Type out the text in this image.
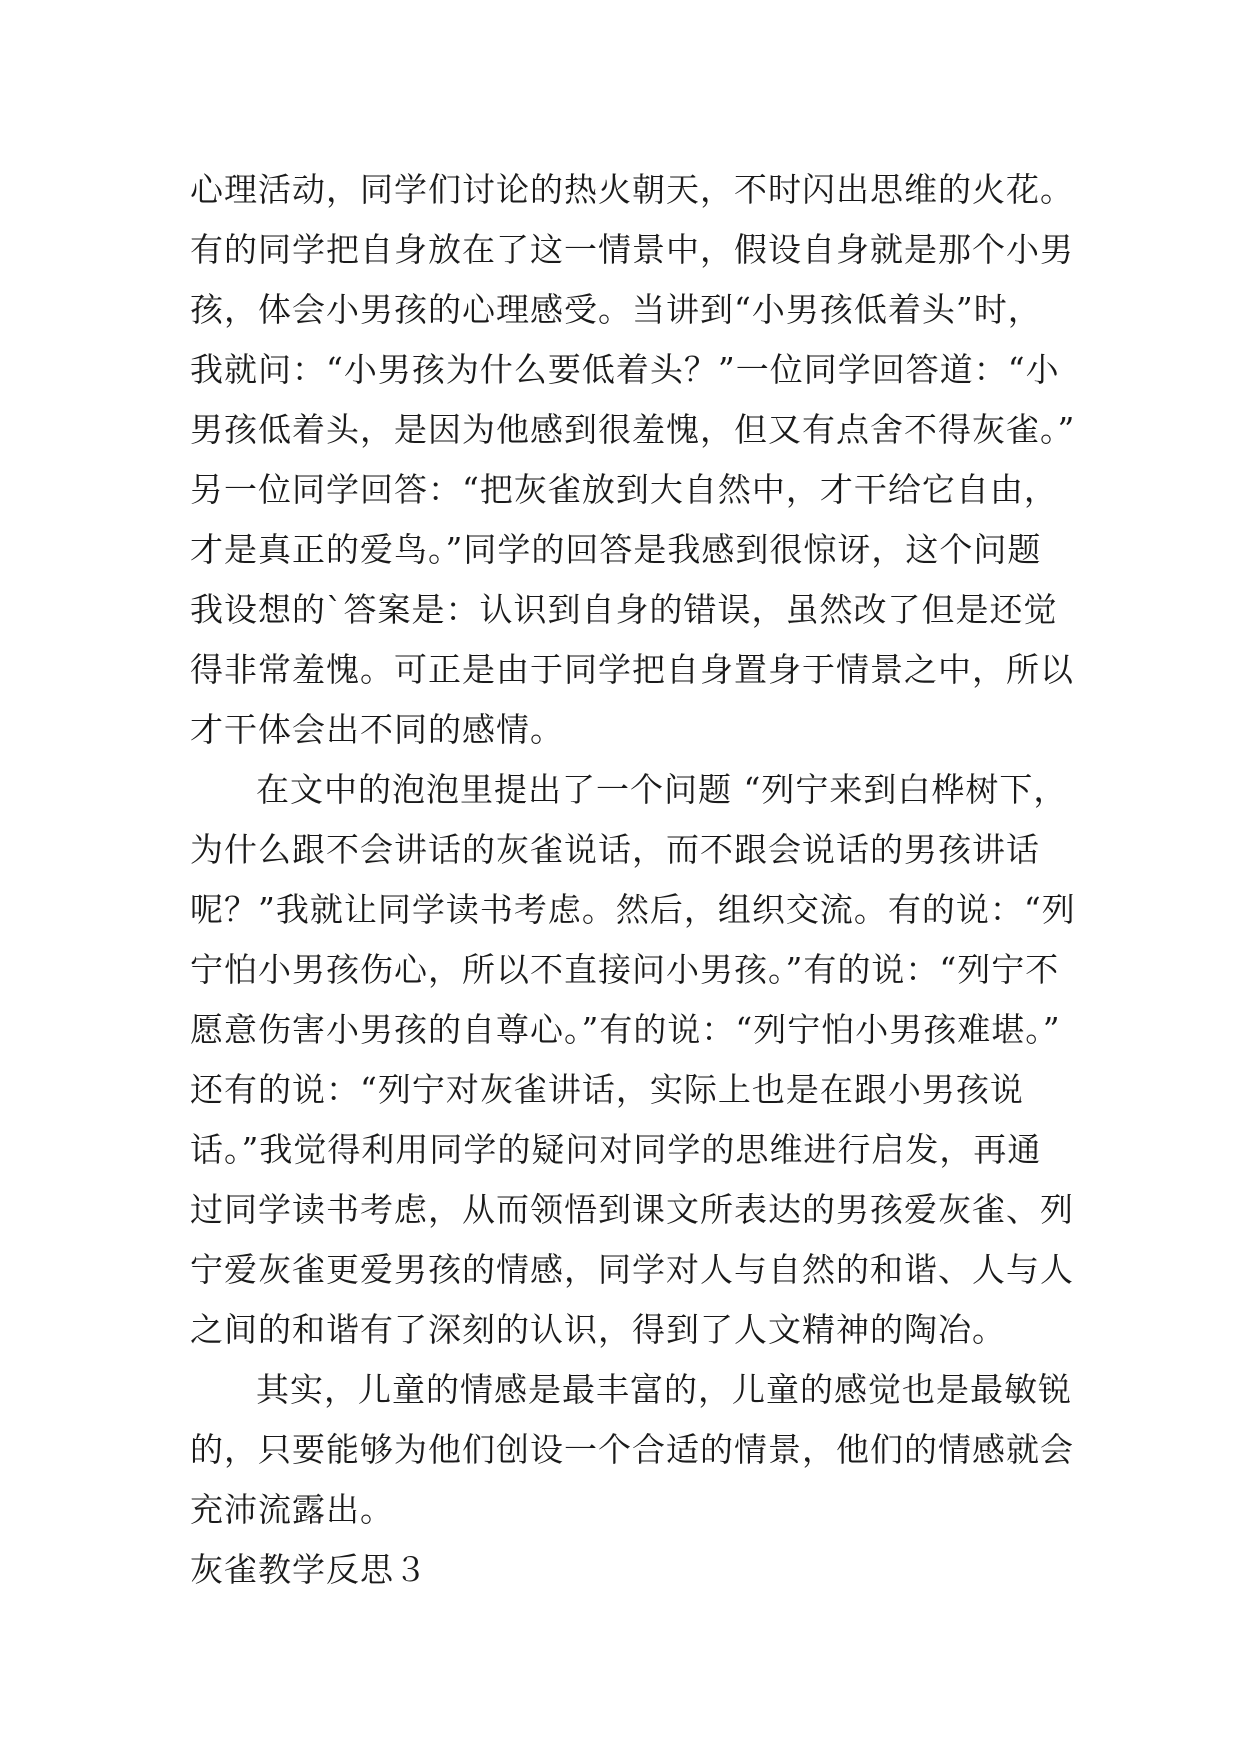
心理活动，同学们讨论的热火朝天，不时闪出思维的火花。
有的同学把自身放在了这一情景中，假设自身就是那个小男
孩，体会小男孩的心理感受。当讲到“小男孩低着头”时，
我就问：“小男孩为什么要低着头？”一位同学回答道：“小
男孩低着头，是因为他感到很羞愧，但又有点舍不得灰雀。”
另一位同学回答：“把灰雀放到大自然中，才干给它自由，
才是真正的爱鸟。”同学的回答是我感到很惊讶，这个问题
我设想的`答案是：认识到自身的错误，虽然改了但是还觉
得非常羞愧。可正是由于同学把自身置身于情景之中，所以
才干体会出不同的感情。
在文中的泡泡里提出了一个问题 “列宁来到白桦树下，
为什么跟不会讲话的灰雀说话，而不跟会说话的男孩讲话
呢？”我就让同学读书考虑。然后，组织交流。有的说：“列
宁怕小男孩伤心，所以不直接问小男孩。”有的说：“列宁不
愿意伤害小男孩的自尊心。”有的说：“列宁怕小男孩难堪。”
还有的说：“列宁对灰雀讲话，实际上也是在跟小男孩说
话。”我觉得利用同学的疑问对同学的思维进行启发，再通
过同学读书考虑，从而领悟到课文所表达的男孩爱灰雀、列
宁爱灰雀更爱男孩的情感，同学对人与自然的和谐、人与人
之间的和谐有了深刻的认识，得到了人文精神的陶冶。
其实，儿童的情感是最丰富的，儿童的感觉也是最敏锐
的，只要能够为他们创设一个合适的情景，他们的情感就会
充沛流露出。
灰雀教学反思３
